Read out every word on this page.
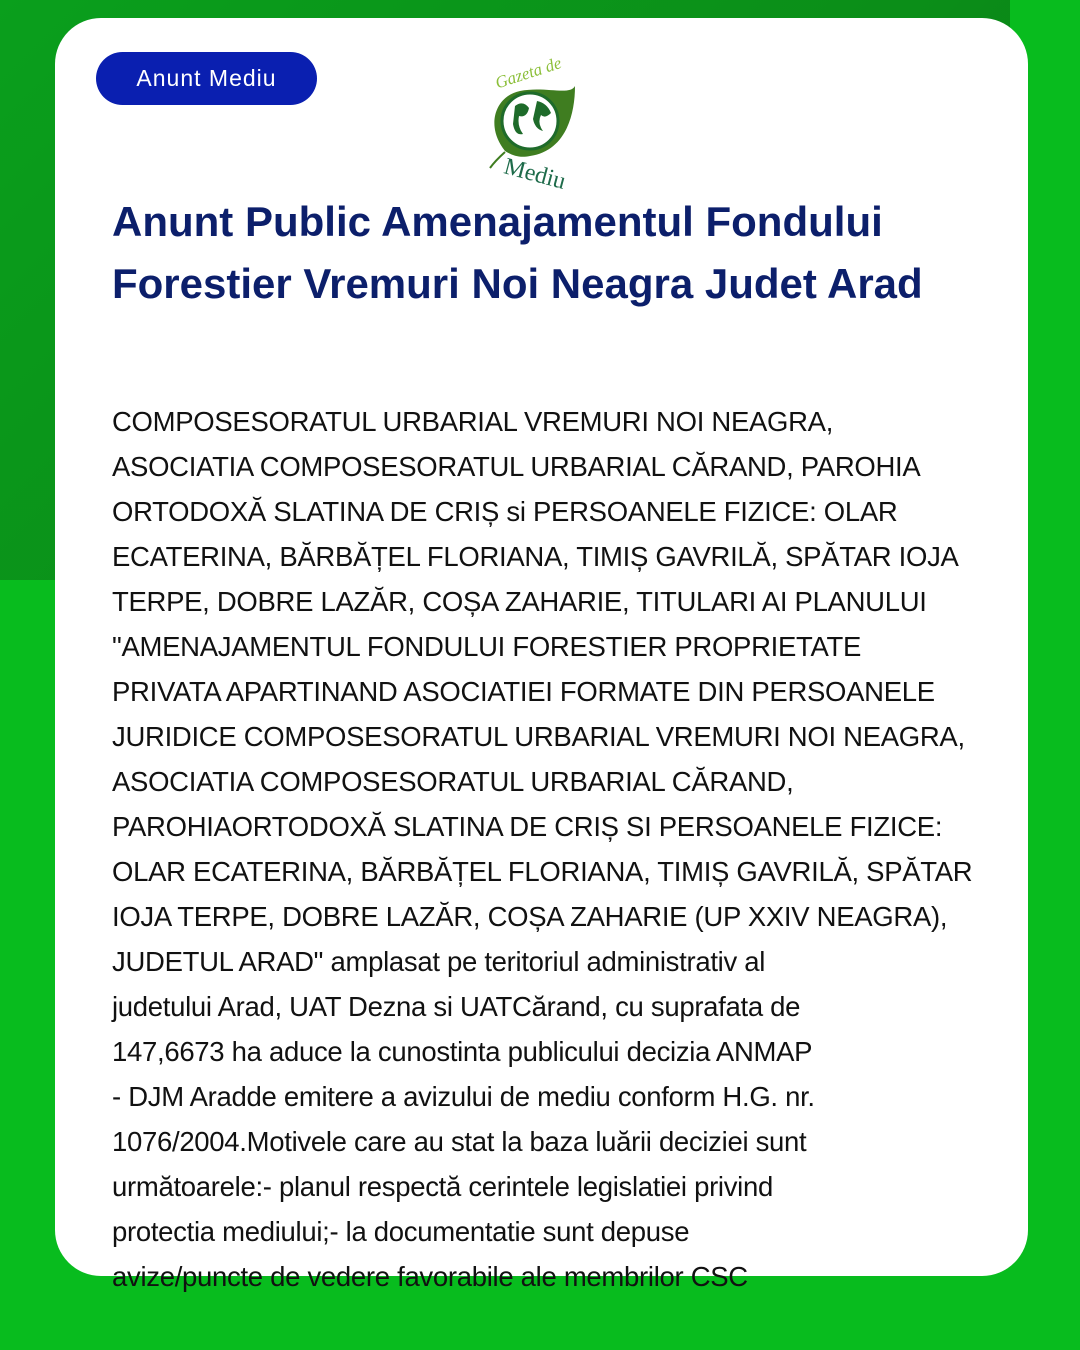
Anunt Mediu	Gazeta de
Mediu
Anunt Public Amenajamentul Fondului Forestier Vremuri Noi Neagra Judet Arad
COMPOSESORATUL URBARIAL VREMURI NOI NEAGRA,
ASOCIATIA COMPOSESORATUL URBARIAL CĂRAND, PAROHIA
ORTODOXĂ SLATINA DE CRIȘ si PERSOANELE FIZICE: OLAR
ECATERINA, BĂRBĂȚEL FLORIANA, TIMIȘ GAVRILĂ, SPĂTAR IOJA
TERPE, DOBRE LAZĂR, COȘA ZAHARIE, TITULARI AI PLANULUI
"AMENAJAMENTUL FONDULUI FORESTIER PROPRIETATE
PRIVATA APARTINAND ASOCIATIEI FORMATE DIN PERSOANELE
JURIDICE COMPOSESORATUL URBARIAL VREMURI NOI NEAGRA,
ASOCIATIA COMPOSESORATUL URBARIAL CĂRAND,
PAROHIAORTODOXĂ SLATINA DE CRIȘ SI PERSOANELE FIZICE:
OLAR ECATERINA, BĂRBĂȚEL FLORIANA, TIMIȘ GAVRILĂ, SPĂTAR
IOJA TERPE, DOBRE LAZĂR, COȘA ZAHARIE (UP XXIV NEAGRA),
JUDETUL ARAD" amplasat pe teritoriul administrativ al
judetului Arad, UAT Dezna si UATCărand, cu suprafata de
147,6673 ha aduce la cunostinta publicului decizia ANMAP
- DJM Aradde emitere a avizului de mediu conform H.G. nr.
1076/2004.Motivele care au stat la baza luării deciziei sunt
următoarele:- planul respectă cerintele legislatiei privind
protectia mediului;- la documentatie sunt depuse
avize/puncte de vedere favorabile ale membrilor CSC
